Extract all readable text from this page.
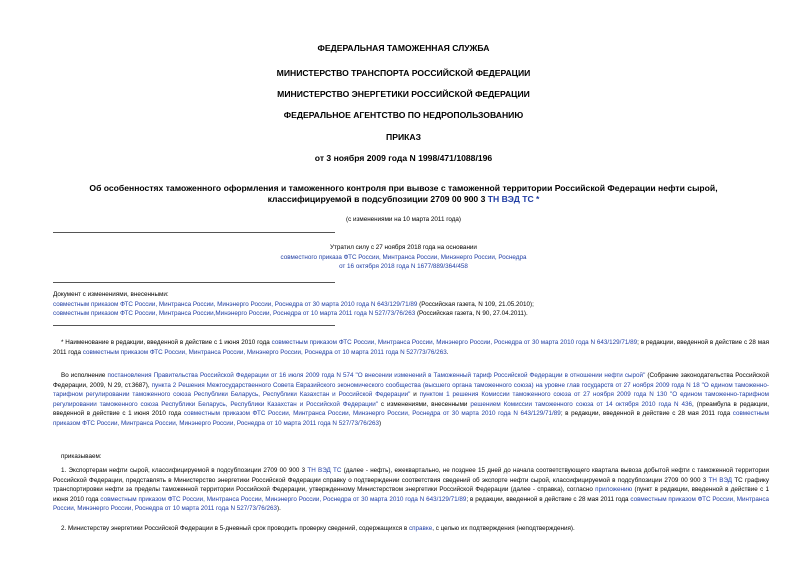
ФЕДЕРАЛЬНАЯ ТАМОЖЕННАЯ СЛУЖБА
МИНИСТЕРСТВО ТРАНСПОРТА РОССИЙСКОЙ ФЕДЕРАЦИИ
МИНИСТЕРСТВО ЭНЕРГЕТИКИ РОССИЙСКОЙ ФЕДЕРАЦИИ
ФЕДЕРАЛЬНОЕ АГЕНТСТВО ПО НЕДРОПОЛЬЗОВАНИЮ
ПРИКАЗ
от 3 ноября 2009 года N 1998/471/1088/196
Об особенностях таможенного оформления и таможенного контроля при вывозе с таможенной территории Российской Федерации нефти сырой,
классифицируемой в подсубпозиции 2709 00 900 3 ТН ВЭД ТС *
(с изменениями на 10 марта 2011 года)
Утратил силу с 27 ноября 2018 года на основании
совместного приказа ФТС России, Минтранса России, Минэнерго России, Роснедра
от 16 октября 2018 года N 1677/889/364/458
Документ с изменениями, внесенными:
совместным приказом ФТС России, Минтранса России, Минэнерго России, Роснедра от 30 марта 2010 года N 643/129/71/89 (Российская газета, N 109, 21.05.2010);
совместным приказом ФТС России, Минтранса России,Минэнерго России, Роснедра от 10 марта 2011 года N 527/73/76/263 (Российская газета, N 90, 27.04.2011).
* Наименование в редакции, введенной в действие с 1 июня 2010 года совместным приказом ФТС России, Минтранса России, Минэнерго России, Роснедра от 30 марта 2010 года N 643/129/71/89; в редакции, введенной в действие с 28 мая 2011 года совместным приказом ФТС России, Минтранса России, Минэнерго России, Роснедра от 10 марта 2011 года N 527/73/76/263.
Во исполнение постановления Правительства Российской Федерации от 16 июля 2009 года N 574 "О внесении изменений в Таможенный тариф Российской Федерации в отношении нефти сырой" (Собрание законодательства Российской Федерации, 2009, N 29, ст.3687), пункта 2 Решения Межгосударственного Совета Евразийского экономического сообщества (высшего органа таможенного союза) на уровне глав государств от 27 ноября 2009 года N 18 "О едином таможенно-тарифном регулировании таможенного союза Республики Беларусь, Республики Казахстан и Российской Федерации" и пунктом 1 решения Комиссии таможенного союза от 27 ноября 2009 года N 130 "О едином таможенно-тарифном регулировании таможенного союза Республики Беларусь, Республики Казахстан и Российской Федерации" с изменениями, внесенными решением Комиссии таможенного союза от 14 октября 2010 года N 436, (преамбула в редакции, введенной в действие с 1 июня 2010 года совместным приказом ФТС России, Минтранса России, Минэнерго России, Роснедра от 30 марта 2010 года N 643/129/71/89; в редакции, введенной в действие с 28 мая 2011 года совместным приказом ФТС России, Минтранса России, Минэнерго России, Роснедра от 10 марта 2011 года N 527/73/76/263)
приказываем:
1. Экспортерам нефти сырой, классифицируемой в подсубпозиции 2709 00 900 3 ТН ВЭД ТС (далее - нефть), ежеквартально, не позднее 15 дней до начала соответствующего квартала вывоза добытой нефти с таможенной территории Российской Федерации, представлять в Министерство энергетики Российской Федерации справку о подтверждении соответствия сведений об экспорте нефти сырой, классифицируемой в подсубпозиции 2709 00 900 3 ТН ВЭД ТС графику транспортировки нефти за пределы таможенной территории Российской Федерации, утвержденному Министерством энергетики Российской Федерации (далее - справка), согласно приложению (пункт в редакции, введенной в действие с 1 июня 2010 года совместным приказом ФТС России, Минтранса России, Минэнерго России, Роснедра от 30 марта 2010 года N 643/129/71/89; в редакции, введенной в действие с 28 мая 2011 года совместным приказом ФТС России, Минтранса России, Минэнерго России, Роснедра от 10 марта 2011 года N 527/73/76/263).
2. Министерству энергетики Российской Федерации в 5-дневный срок проводить проверку сведений, содержащихся в справке, с целью их подтверждения (неподтверждения).
